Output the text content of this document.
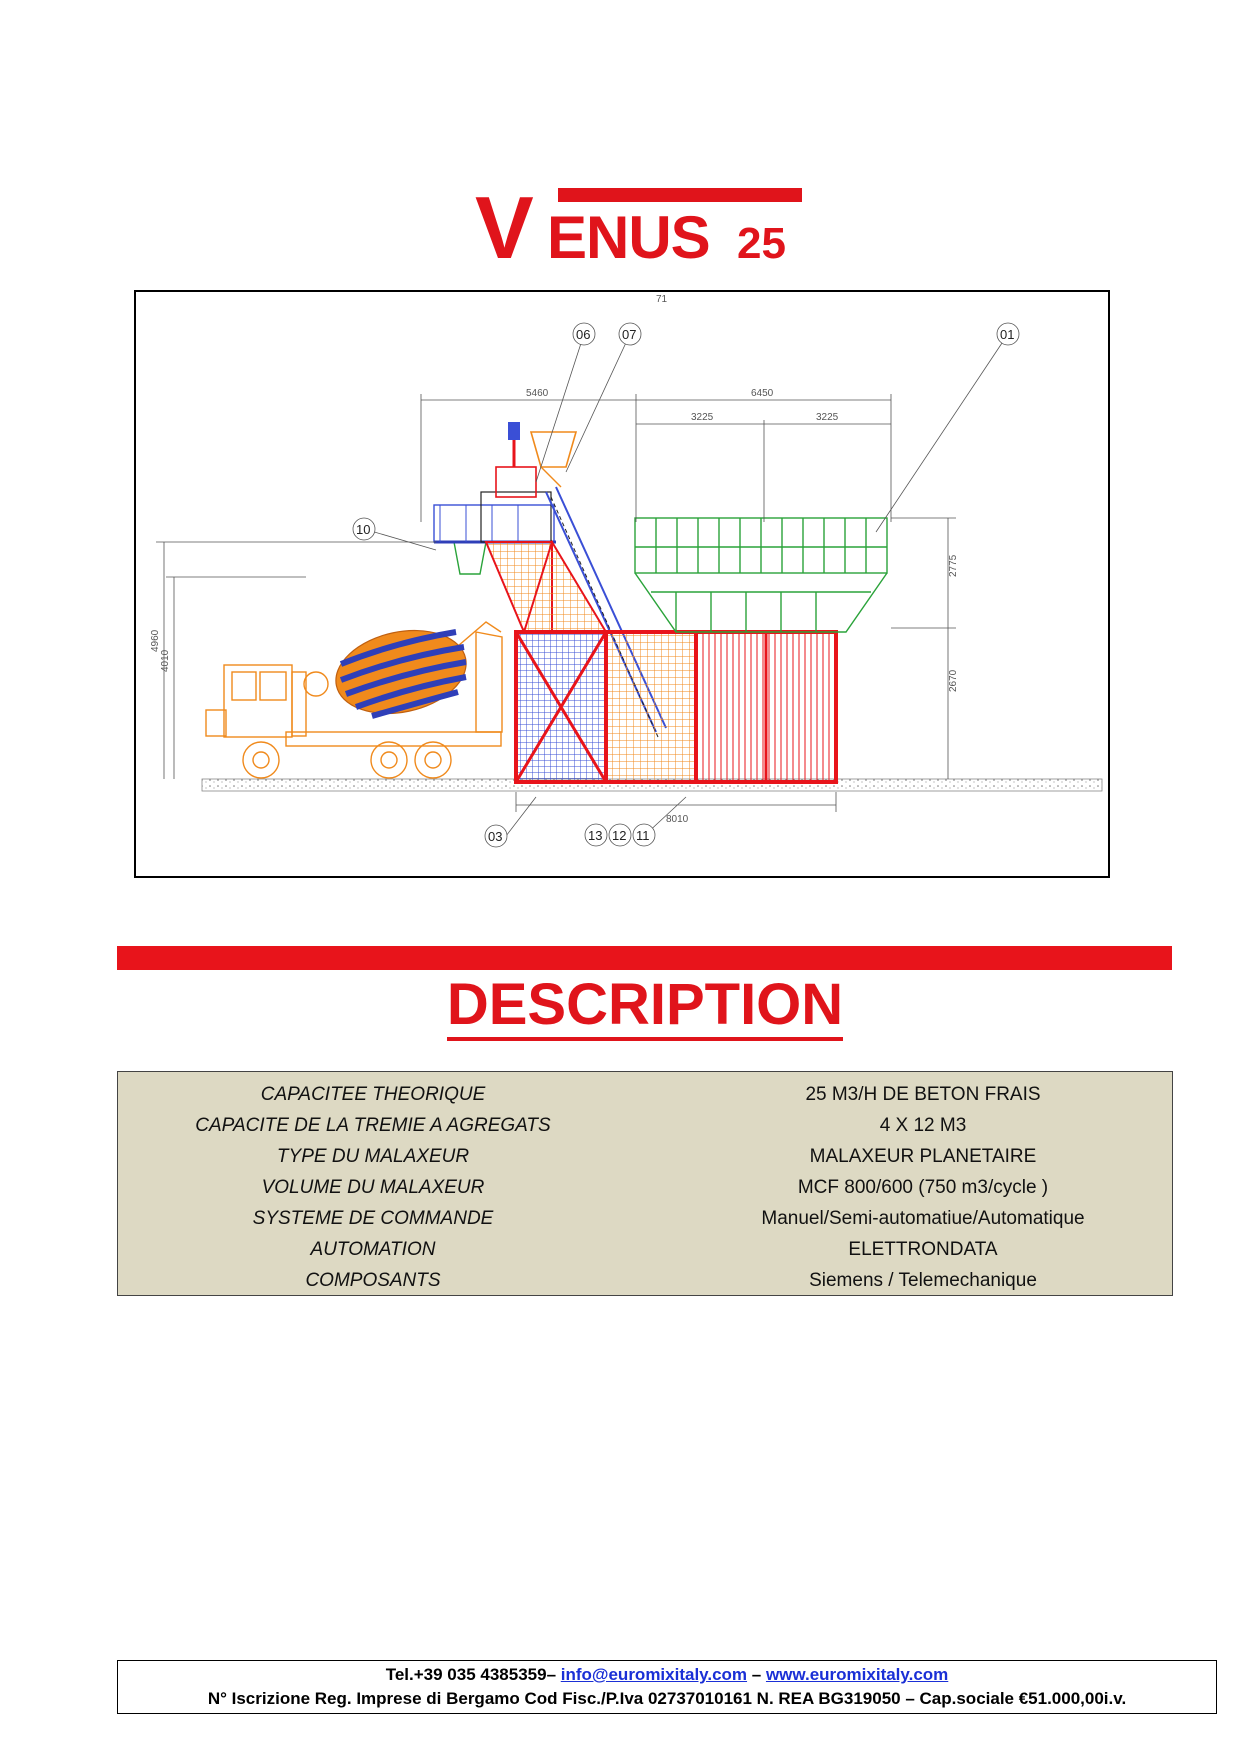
V ENUS 25
5460	6450
3225	3225
2775
2670
4960
4010
8010
71
06 07	01
10
03	13 12 11
DESCRIPTION
CAPACITEE THEORIQUE	25 M3/H DE BETON FRAIS
CAPACITE DE LA TREMIE A AGREGATS	4 X 12 M3
TYPE DU MALAXEUR	MALAXEUR PLANETAIRE
VOLUME DU MALAXEUR	MCF 800/600 (750 m3/cycle )
SYSTEME DE COMMANDE	Manuel/Semi-automatiue/Automatique
AUTOMATION	ELETTRONDATA
COMPOSANTS	Siemens / Telemechanique
Tel.+39 035 4385359– info@euromixitaly.com – www.euromixitaly.com
N° Iscrizione Reg. Imprese di Bergamo Cod Fisc./P.Iva 02737010161 N. REA BG319050 – Cap.sociale €51.000,00i.v.
